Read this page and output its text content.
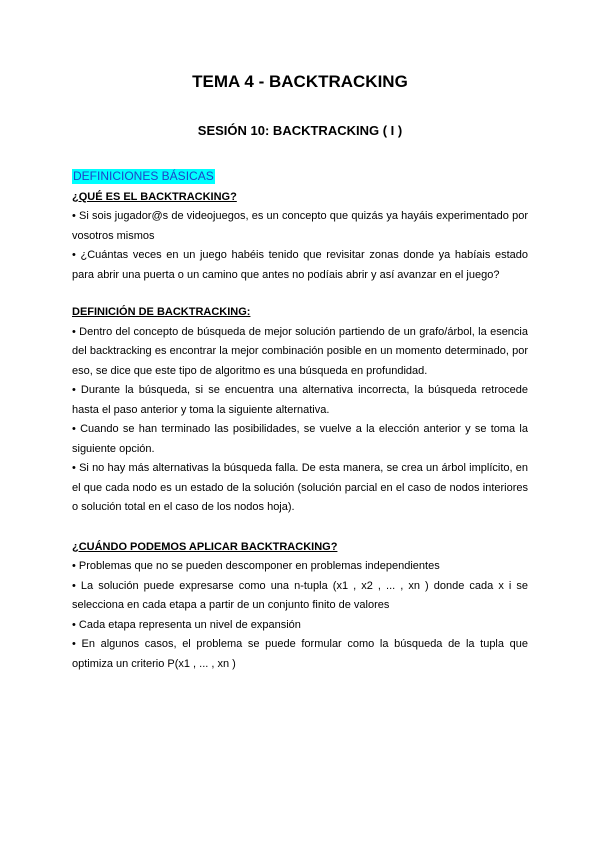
TEMA 4 - BACKTRACKING
SESIÓN 10: BACKTRACKING ( I )
DEFINICIONES BÁSICAS
¿QUÉ ES EL BACKTRACKING?

• Si sois jugador@s de videojuegos, es un concepto que quizás ya hayáis experimentado por vosotros mismos

• ¿Cuántas veces en un juego habéis tenido que revisitar zonas donde ya habíais estado para abrir una puerta o un camino que antes no podíais abrir y así avanzar en el juego?

DEFINICIÓN DE BACKTRACKING:

• Dentro del concepto de búsqueda de mejor solución partiendo de un grafo/árbol, la esencia del backtracking es encontrar la mejor combinación posible en un momento determinado, por eso, se dice que este tipo de algoritmo es una búsqueda en profundidad.

• Durante la búsqueda, si se encuentra una alternativa incorrecta, la búsqueda retrocede hasta el paso anterior y toma la siguiente alternativa.

• Cuando se han terminado las posibilidades, se vuelve a la elección anterior y se toma la siguiente opción.

• Si no hay más alternativas la búsqueda falla. De esta manera, se crea un árbol implícito, en el que cada nodo es un estado de la solución (solución parcial en el caso de nodos interiores o solución total en el caso de los nodos hoja).

¿CUÁNDO PODEMOS APLICAR BACKTRACKING?

• Problemas que no se pueden descomponer en problemas independientes

• La solución puede expresarse como una n-tupla (x1 , x2 , ... , xn ) donde cada x i se selecciona en cada etapa a partir de un conjunto finito de valores

• Cada etapa representa un nivel de expansión

• En algunos casos, el problema se puede formular como la búsqueda de la tupla que optimiza un criterio P(x1 , ... , xn )
